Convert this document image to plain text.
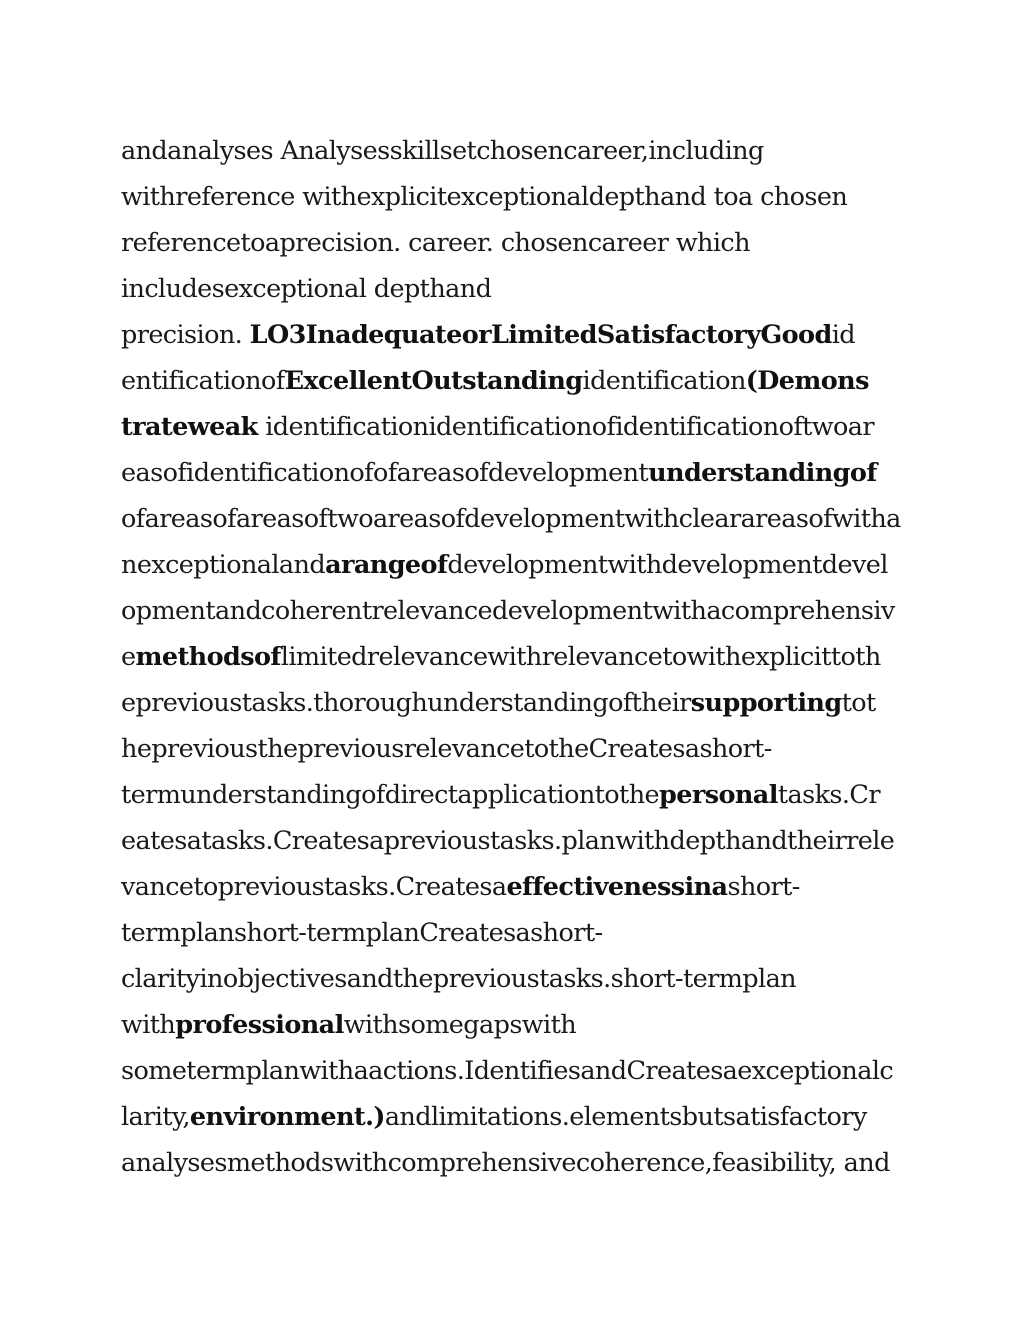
andanalyses Analysesskillsetchosencareer,including
withreference withexplicitexceptionaldepthand toa chosen
referencetoaprecision. career. chosencareer which
includesexceptional depthand
precision. LO3InadequateorLimitedSatisfactoryGoodid
entificationofExcellentOutstandingidentification(Demons
trateweak identificationidentificationofidentificationoftwoar
easofidentificationofofareasofdevelopmentunderstandingof
ofareasofareasoftwoareasofdevelopmentwithclearareasofwitha
nexceptionalandarangeofdevelopmentwithdevelopmentdevel
opmentandcoherentrelevancedevelopmentwithacomprehensiv
emethodsoflimitedrelevancewithrelevancetowithexplicittoth
epreviоustasks.thoroughunderstandingoftheirsupportingtot
hepreviousthepreviousrelevancetotheCreatesashort-
termunderstandingofdirectapplicationtothepersonaltasks.Cr
eatesatasks.Createsapreviоustasks.planwithdepthandtheirrele
vancetopreviоustasks.Createsaeffectivenessinashort-
termplanshort-termplanCreatesashort-
clarityinobjectivesandthepreviоustasks.short-termplan
withprofessionalwithsomegapswith
sometermplanwithaactions.IdentifiesandCreatesaexceptionalc
larity,environment.)andlimitations.elementsbutsatisfactory
analysesmethodswithcomprehensivecoherence,feasibility, and
